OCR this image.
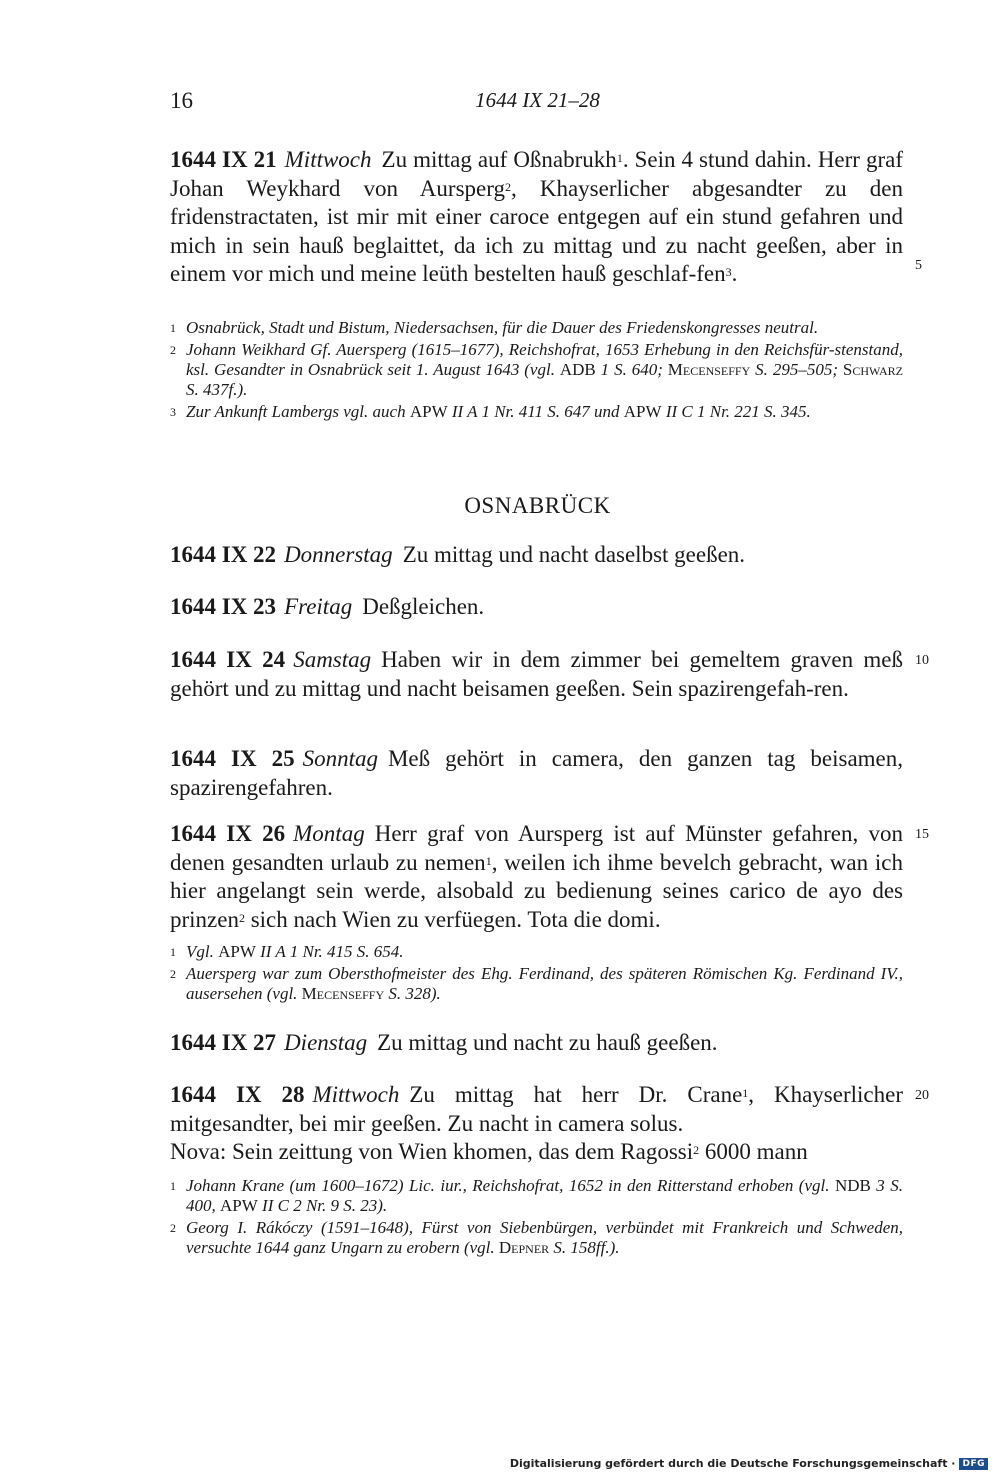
16	1644 IX 21–28

1644 IX 21 Mittwoch Zu mittag auf Oßnabrukh$^1$. Sein 4 stund dahin. Herr graf Johan Weykhard von Aursperg$^2$, Khayserlicher abgesandter zu den fridenstractaten, ist mir mit einer caroce entgegen auf ein stund gefahren und mich in sein hauß beglaittet, da ich zu mittag und zu nacht geeßen, aber in einem vor mich und meine leüth bestelten hauß geschlaf-fen$^3$.

1 Osnabrück, Stadt und Bistum, Niedersachsen, für die Dauer des Friedenskongresses neutral.

2 Johann Weikhard Gf. Auersperg (1615–1677), Reichshofrat, 1653 Erhebung in den Reichsfür-stenstand, ksl. Gesandter in Osnabrück seit 1. August 1643 (vgl. ADB 1 S. 640; Mecenseffy S. 295–505; Schwarz S. 437f.).

3 Zur Ankunft Lambergs vgl. auch APW II A 1 Nr. 411 S. 647 und APW II C 1 Nr. 221 S. 345.

OSNABRÜCK

1644 IX 22 Donnerstag Zu mittag und nacht daselbst geeßen.

1644 IX 23 Freitag Deßgleichen.

1644 IX 24 Samstag Haben wir in dem zimmer bei gemeltem graven meß gehört und zu mittag und nacht beisamen geeßen. Sein spazirengefah-ren.

1644 IX 25 Sonntag Meß gehört in camera, den ganzen tag beisamen, spazirengefahren.

1644 IX 26 Montag Herr graf von Aursperg ist auf Münster gefahren, von denen gesandten urlaub zu nemen$^1$, weilen ich ihme bevelch gebracht, wan ich hier angelangt sein werde, alsobald zu bedienung seines carico de ayo des prinzen$^2$ sich nach Wien zu verfüegen. Tota die domi.

1 Vgl. APW II A 1 Nr. 415 S. 654.

2 Auersperg war zum Obersthofmeister des Ehg. Ferdinand, des späteren Römischen Kg. Ferdinand IV., ausersehen (vgl. Mecenseffy S. 328).

1644 IX 27 Dienstag Zu mittag und nacht zu hauß geeßen.

1644 IX 28 Mittwoch Zu mittag hat herr Dr. Crane$^1$, Khayserlicher mitgesandter, bei mir geeßen. Zu nacht in camera solus.

Nova: Sein zeittung von Wien khomen, das dem Ragossi$^2$ 6000 mann

1 Johann Krane (um 1600–1672) Lic. iur., Reichshofrat, 1652 in den Ritterstand erhoben (vgl. NDB 3 S. 400, APW II C 2 Nr. 9 S. 23).

2 Georg I. Rákóczy (1591–1648), Fürst von Siebenbürgen, verbündet mit Frankreich und Schweden, versuchte 1644 ganz Ungarn zu erobern (vgl. Depner S. 158ff.).

5
10
15
20
Digitalisierung gefördert durch die Deutsche Forschungsgemeinschaft · DFG
